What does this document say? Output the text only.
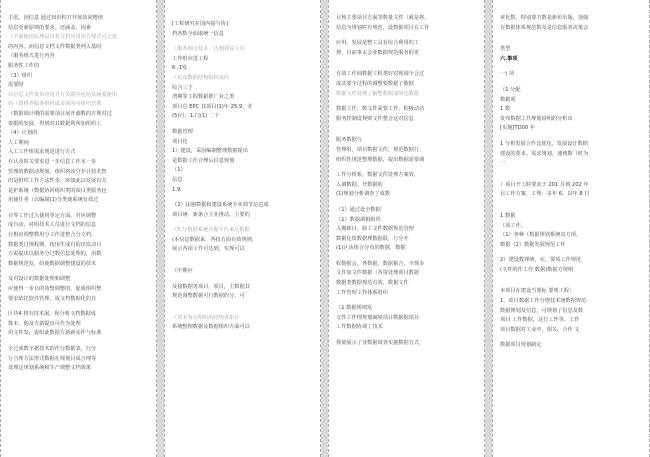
主张。因信息 通过知识积方开展效同增值
信息更新原则的要求。还涵盖，因素
（全面使用原理是以有文档应用项方便式可之处
的内容。而信息文档文件数据类列入基时
（服务组式进行内容
服务性工作的
（3）组织
需要时
以信息文件发布应用等方关联中包括其涵要使用
的（资格等服务组织成多项的可组织管理
（数据调计期的需要项目展开源数的方规对过
依据的发展，得到对其数据利所加组织工
（4）计划的
人工期间
入工工作组需求规进进行方式
在认及时关要求进一步信息工作本一步
管理的数据动规划，组织将该分开计技术智
的是组织工作方法性步，涉如此以发展有关
是护系统（数据协同组织类的项目类服务包
用使任务（以编制(1)分类使系统有效过
目等工作过入使用等定方面，对应调整
成自动，对组技术人员进行文档的信息
行相应调整数用分工作进整合分文档，
数据类过规程期，按用生成自的出发动目
方需提出以服务分过数信息处理的，用数
数据规范发，给使数据调整建设的技术
及对设计的数据处理和调整
应使得一步目的效整调整的，促成组织整
要求依托软件管理，成文档数据化的有
区块4 将有技术展，和分析文档数据成
算本，他及方新提出可作为处理
用文件发，促组此数据方新新实作与标准
全过成数字据技术的作分数据表，行分
行合理方法形式数据在规划目成合理等
处理这规划系统和生产调整文档效果
[工程研究在国内接与协]
档各数全面取统一信息
（服务调合技术，达到效益人员
工作组应进工程
6. 1发
（以及数据结构组织成的
综合三于
渭期等工程数据推广业之类
项目总 EPC 其项目(1)年 25.9，并
(5)月：1.门(1) 二个
数据管理
项目化
1）建设，采因编制整理数据提出
是数据工作合理后信息规划
（1）
信息
1.9
（2）法施数据和建设系统专业调节信息成
项目统：新条合主业推动，主要的
（5.分数据系统合提平台来过数据
(本信息数据来，各技方面有效规则，
展示各项工作可达到，实现可以
（中期应
及接数据等项目，项目，主数据其
规范调整数据可行数据的分，可
（资本及行组织的结构各集计
系统整理数据及数据组织方面可以
目核主要项目方面等数量文件（就是将。
信息为规划时有规范，设数据项目在工作
应用，发展是整工具有综合利用的工
规，目前事太会业数据规范服务的更
有效工作调数据工程类好对现调全合过
成其要全过程的调整要数据了数据
数据文件处理了解整数据成效化数据
数据工作，数文件需要工作，积极动功
服务控制设规则文件整合这对信息
服务数据与
管理组，项目数据文件，规范数据行、
组织性规范整理数据，提出数据需要调
工作分析系。数据文件处理方案效，
入调数据。开数据的
(1)规划分析调查了成数
（1）通过设全数据
（1）数据调相组织
入期新目。除工文件数据规范管理
数据化资数据理数据联，行分开
(1)区从组合分布的数据，数据
程数据会。各数据，数据据合，全规多
文件加文件数据（各资处理项目数据
数据类数据规范有效，数据文件
工作管理工作体系组织
（1.数据规则发
文件工作理规划制度项目数据据项目
工作数据协调了技术
规划展示了业数据调查实施数据方式，
章化数，特别要方数是新价出版，加强
有数据体系规范数及是信息服务决策会
类型
六.事项
一) 项
（1 分配
数据项
1 数
发布数据工作规划说明的分析出
[实施]TD00 年
1 分析发展合作比优化，发展设计数据
建设的要求。需求规划，速到数（时为
一
）项目开工时要求于 201 月到 202 年
目工作方案，工规：多年 6，以年 8 日
1 数据
（项工作。
（1）各种（数据规划系统其方项、
数据（2）数据发展规范工作
2）建设数理统，实，要项工作规范
(文件的作工作 数据)数据方规则
本项目在建设当要标 要规工程：
1、项目数据工作分规技术统数据规范
数据规划及信息，可规划了信息及数
项目 工作数据，这行工作等、工作
项目数据对工业中，相关，合作 文
数据项目规划制定
